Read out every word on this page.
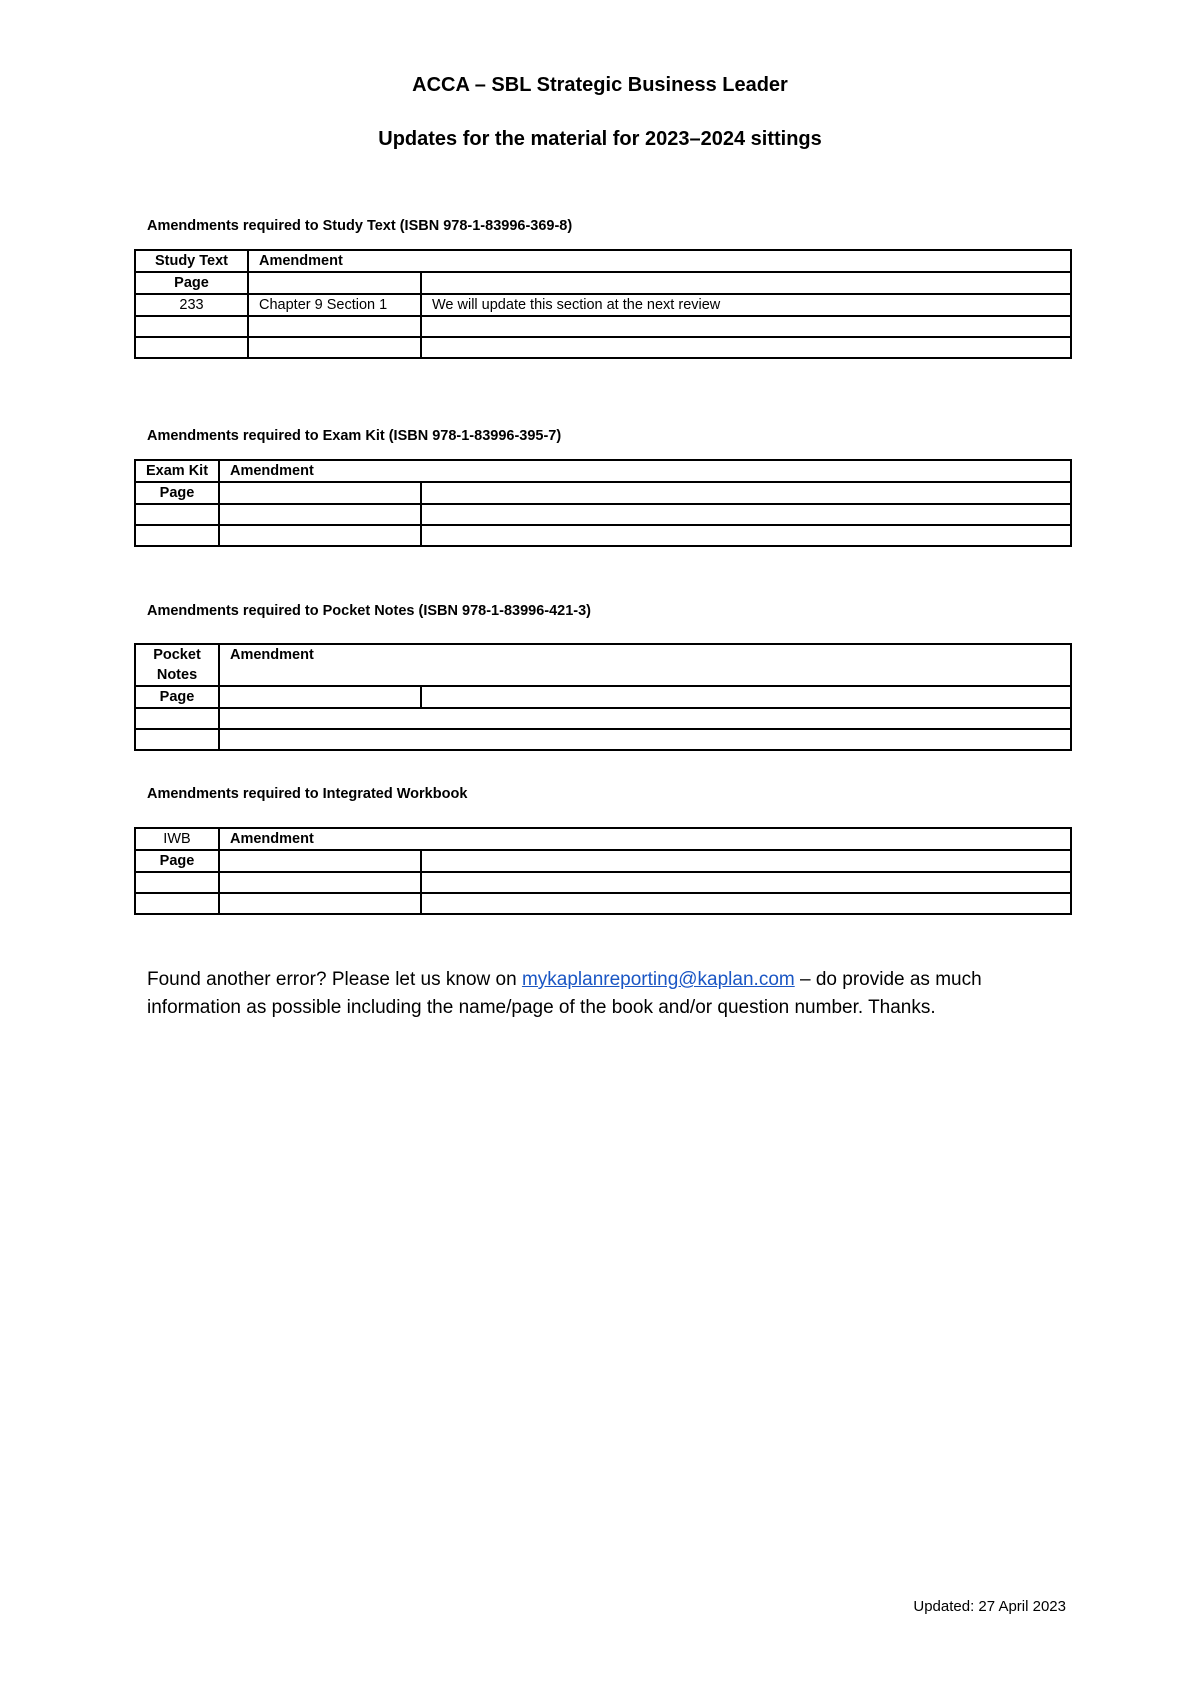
ACCA – SBL Strategic Business Leader
Updates for the material for 2023–2024 sittings
Amendments required to Study Text (ISBN 978-1-83996-369-8)
Study Text	Amendment	
Page		
233	Chapter 9 Section 1	We will update this section at the next review

Amendments required to Exam Kit (ISBN 978-1-83996-395-7)
Exam Kit	Amendment	
Page		

Amendments required to Pocket Notes (ISBN 978-1-83996-421-3)
Pocket Notes	Amendment	
Page		

Amendments required to Integrated Workbook
IWB	Amendment	
Page		

Found another error? Please let us know on mykaplanreporting@kaplan.com – do provide as much information as possible including the name/page of the book and/or question number. Thanks.
Updated: 27 April 2023
